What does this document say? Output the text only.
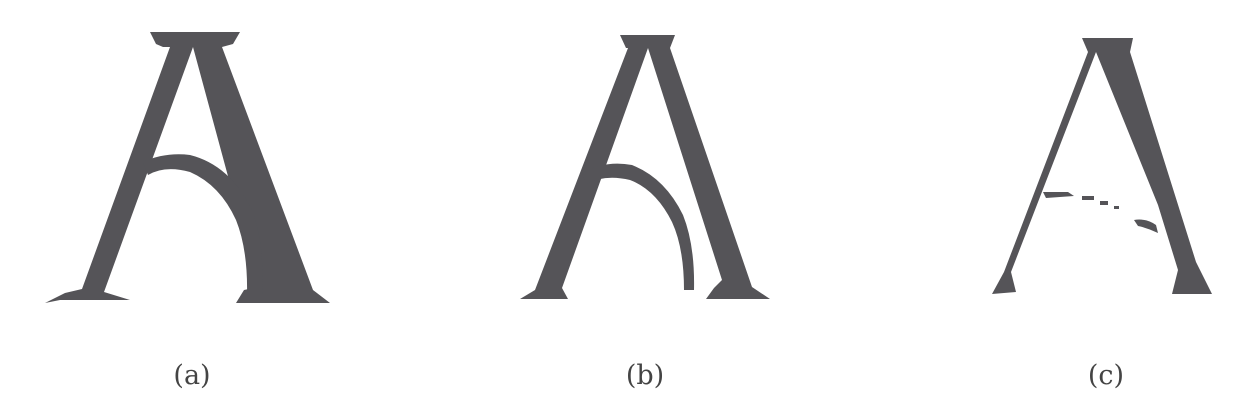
(a)	(b)	(c)
